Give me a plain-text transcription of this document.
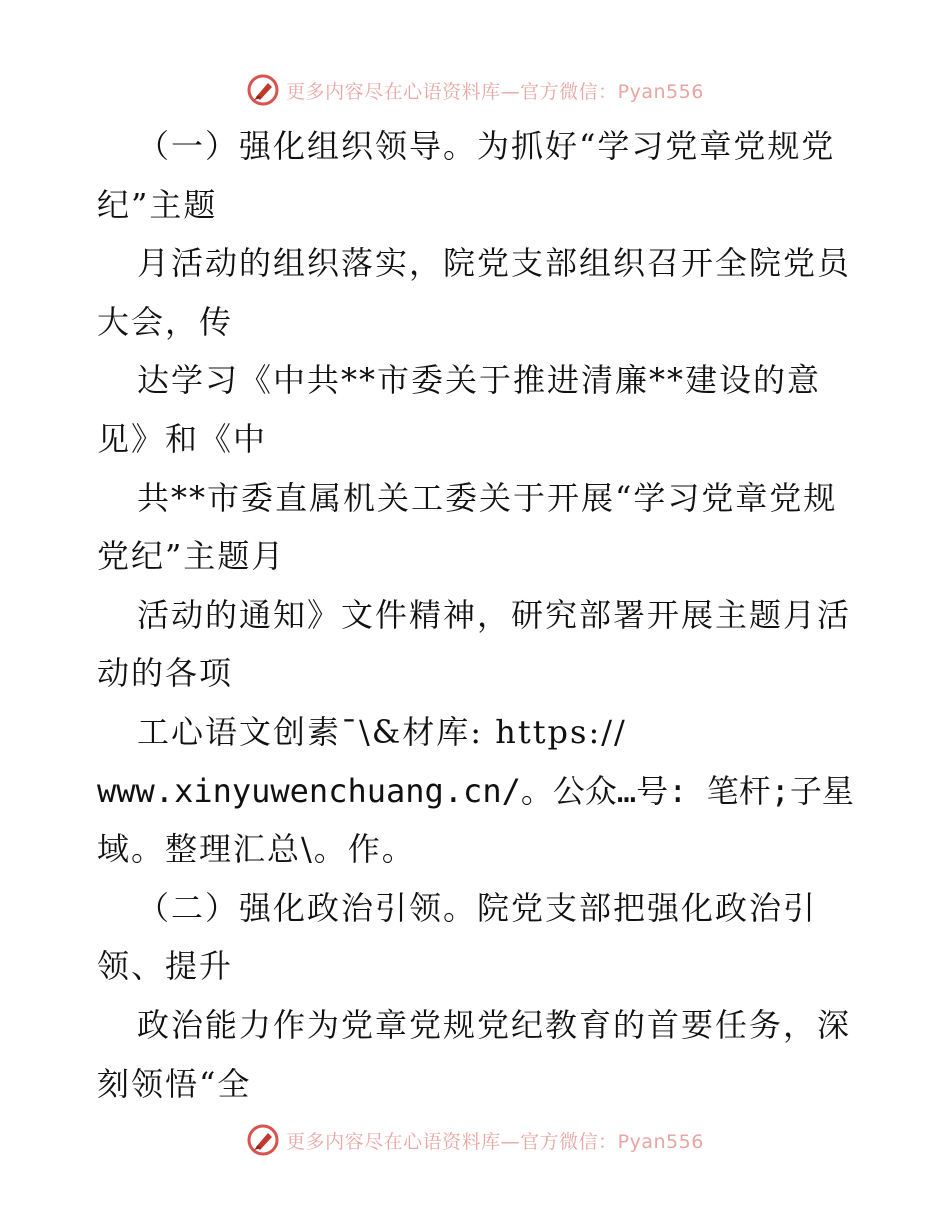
更多内容尽在心语资料库—官方微信：Pyan556
（一）强化组织领导。为抓好“学习党章党规党
纪”主题
月活动的组织落实，院党支部组织召开全院党员
大会，传
达学习《中共**市委关于推进清廉**建设的意
见》和《中
共**市委直属机关工委关于开展“学习党章党规
党纪”主题月
活动的通知》文件精神，研究部署开展主题月活
动的各项
工心语文创素¯\&材库: https://
www.xinyuwenchuang.cn/。公众…号: 笔杆;子星
域。整理汇总\。作。
（二）强化政治引领。院党支部把强化政治引
领、提升
政治能力作为党章党规党纪教育的首要任务，深
刻领悟“全
更多内容尽在心语资料库—官方微信：Pyan556
